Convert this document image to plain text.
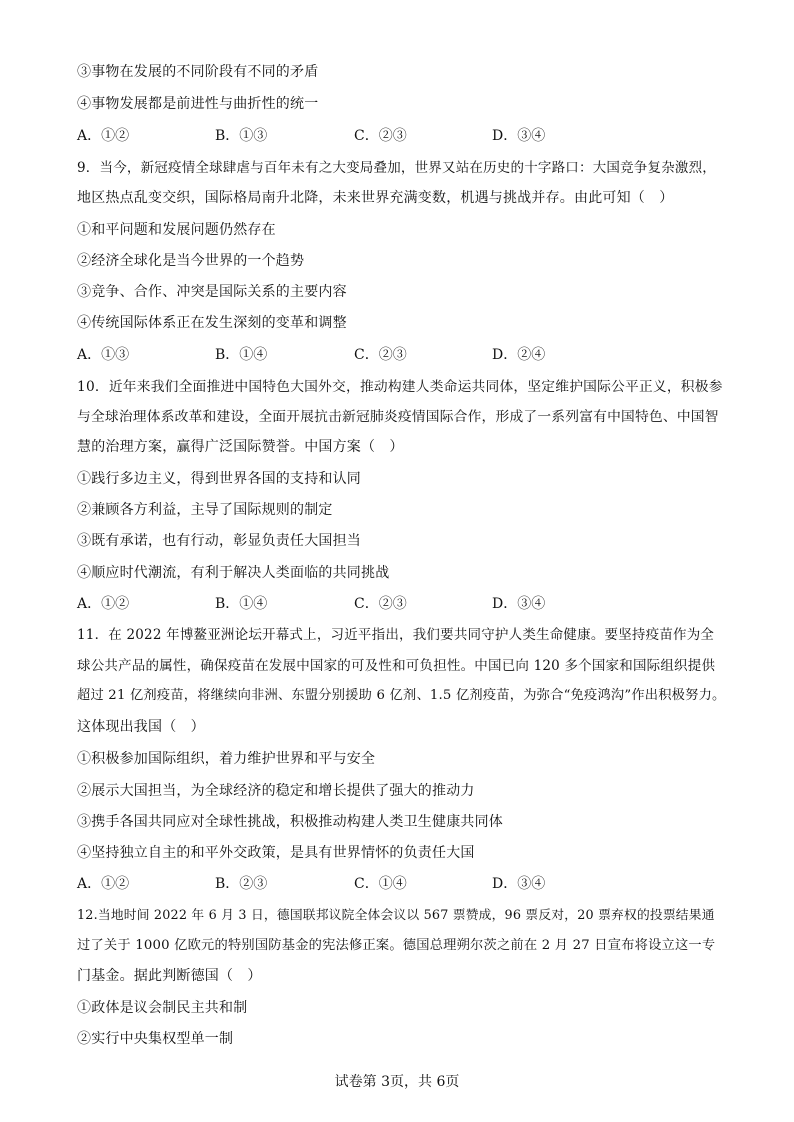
③事物在发展的不同阶段有不同的矛盾
④事物发展都是前进性与曲折性的统一
A．①②	B．①③	C．②③	D．③④
9．当今，新冠疫情全球肆虐与百年未有之大变局叠加，世界又站在历史的十字路口：大国竞争复杂激烈，
地区热点乱变交织，国际格局南升北降，未来世界充满变数，机遇与挑战并存。由此可知（　）
①和平问题和发展问题仍然存在
②经济全球化是当今世界的一个趋势
③竞争、合作、冲突是国际关系的主要内容
④传统国际体系正在发生深刻的变革和调整
A．①③	B．①④	C．②③	D．②④
10．近年来我们全面推进中国特色大国外交，推动构建人类命运共同体，坚定维护国际公平正义，积极参
与全球治理体系改革和建设，全面开展抗击新冠肺炎疫情国际合作，形成了一系列富有中国特色、中国智
慧的治理方案，赢得广泛国际赞誉。中国方案（　）
①践行多边主义，得到世界各国的支持和认同
②兼顾各方利益，主导了国际规则的制定
③既有承诺，也有行动，彰显负责任大国担当
④顺应时代潮流，有利于解决人类面临的共同挑战
A．①②	B．①④	C．②③	D．③④
11．在 2022 年博鳌亚洲论坛开幕式上，习近平指出，我们要共同守护人类生命健康。要坚持疫苗作为全
球公共产品的属性，确保疫苗在发展中国家的可及性和可负担性。中国已向 120 多个国家和国际组织提供
超过 21 亿剂疫苗，将继续向非洲、东盟分别援助 6 亿剂、1.5 亿剂疫苗，为弥合“免疫鸿沟”作出积极努力。
这体现出我国（　）
①积极参加国际组织，着力维护世界和平与安全
②展示大国担当，为全球经济的稳定和增长提供了强大的推动力
③携手各国共同应对全球性挑战，积极推动构建人类卫生健康共同体
④坚持独立自主的和平外交政策，是具有世界情怀的负责任大国
A．①②	B．②③	C．①④	D．③④
12.当地时间 2022 年 6 月 3 日，德国联邦议院全体会议以 567 票赞成，96 票反对，20 票弃权的投票结果通
过了关于 1000 亿欧元的特别国防基金的宪法修正案。德国总理朔尔茨之前在 2 月 27 日宣布将设立这一专
门基金。据此判断德国（　）
①政体是议会制民主共和制
②实行中央集权型单一制
试卷第 3页，共 6页
